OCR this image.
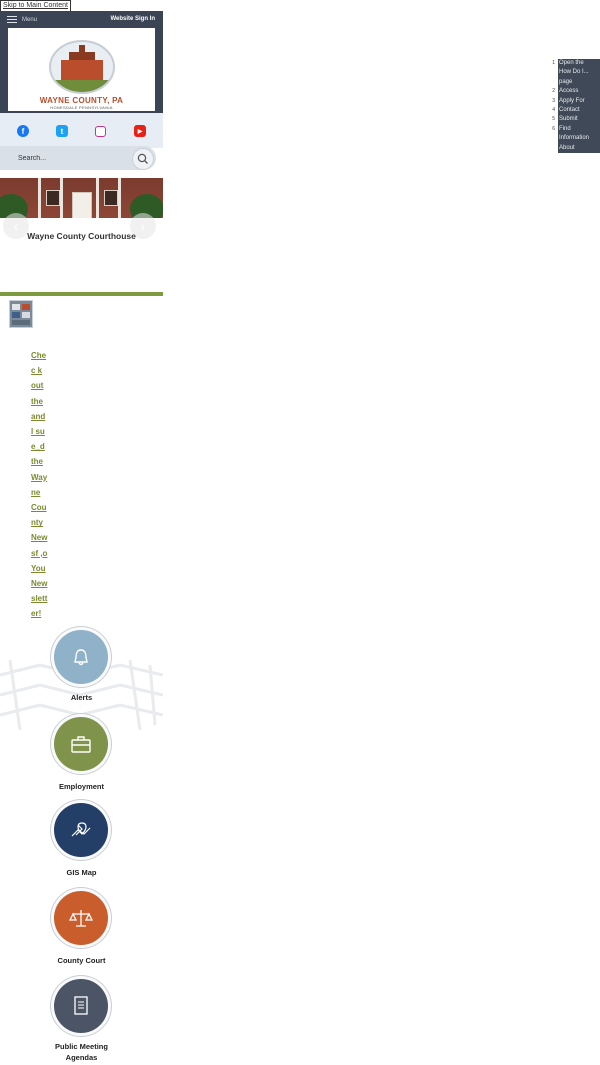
Skip to Main Content
Menu	Website Sign In
WAYNE COUNTY, PA
HONESDALE PENNSYLVANIA
f	t	▶
Search...
‹	›
Wayne County Courthouse
Che
c k
out
the
and
l su
e_d
the
Way
ne
Cou
nty
New
sf ,o
You
New
slett
er!
Alerts
Employment
GIS Map
County Court
Public Meeting
Agendas
1 Open the
How Do I...
page
2 Access
3 Apply For
4 Contact
5 Submit
6 Find
Information
About
